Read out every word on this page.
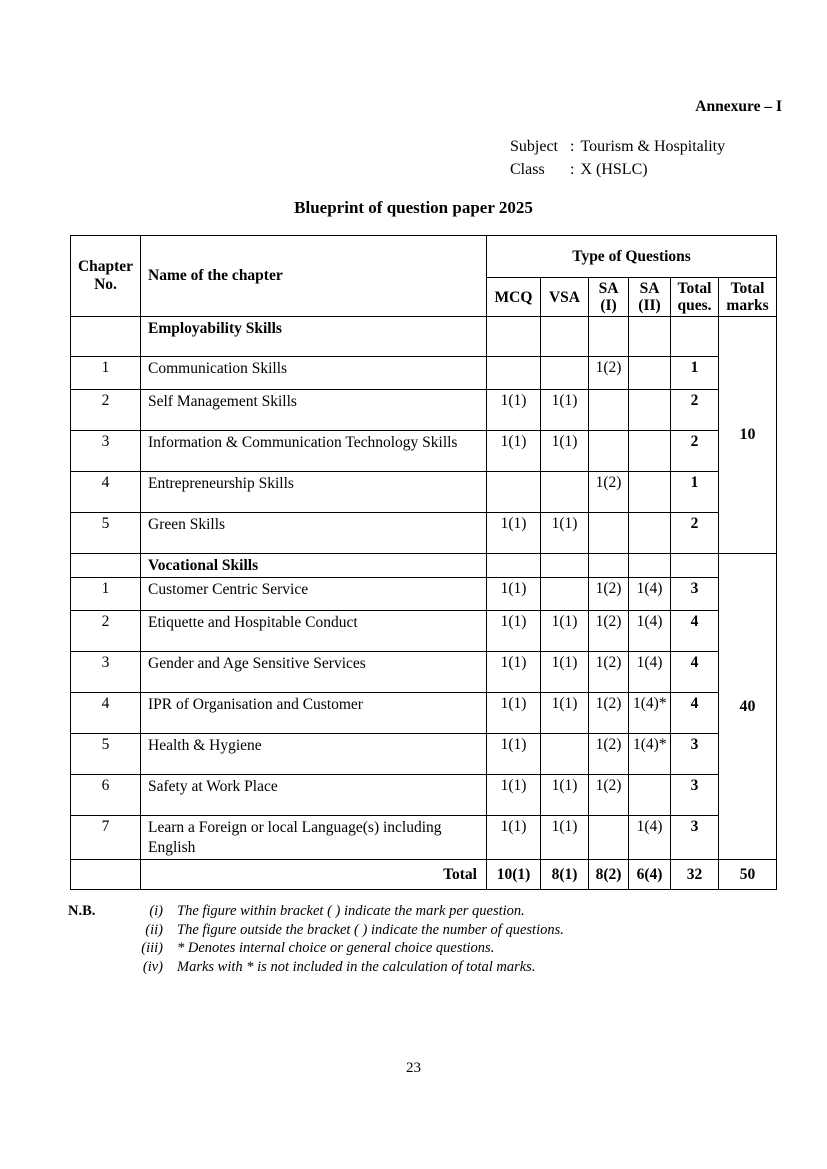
Annexure – I
Subject : Tourism & Hospitality
Class	: X (HSLC)
Blueprint of question paper 2025
Chapter No.	Name of the chapter	Type of Questions					
		MCQ	VSA	SA (I)	SA (II)	Total ques.	Total marks
	Employability Skills						10
1	Communication Skills			1(2)		1	
2	Self Management Skills	1(1)	1(1)			2	
3	Information & Communication Technology Skills	1(1)	1(1)			2	
4	Entrepreneurship Skills			1(2)		1	
5	Green Skills	1(1)	1(1)			2	
	Vocational Skills						40
1	Customer Centric Service	1(1)		1(2)	1(4)	3	
2	Etiquette and Hospitable Conduct	1(1)	1(1)	1(2)	1(4)	4	
3	Gender and Age Sensitive Services	1(1)	1(1)	1(2)	1(4)	4	
4	IPR of Organisation and Customer	1(1)	1(1)	1(2)	1(4)*	4	
5	Health & Hygiene	1(1)		1(2)	1(4)*	3	
6	Safety at Work Place	1(1)	1(1)	1(2)		3	
7	Learn a Foreign or local Language(s) including English	1(1)	1(1)		1(4)	3	
	Total	10(1)	8(1)	8(2)	6(4)	32	50
N.B.	(i) The figure within bracket ( ) indicate the mark per question.
(ii) The figure outside the bracket ( ) indicate the number of questions.
(iii) * Denotes internal choice or general choice questions.
(iv) Marks with * is not included in the calculation of total marks.
23
